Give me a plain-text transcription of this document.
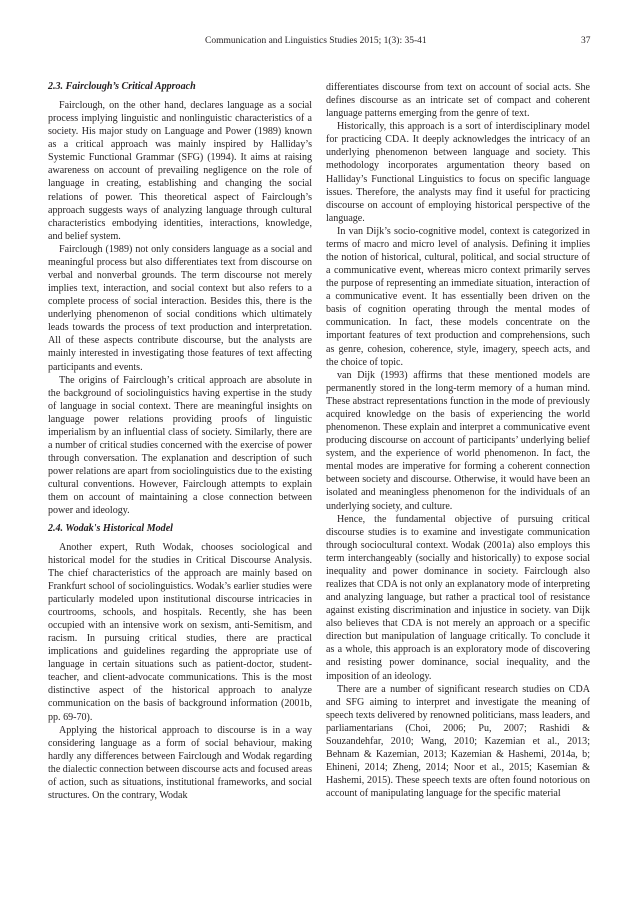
Communication and Linguistics Studies 2015; 1(3): 35-41	37
2.3. Fairclough’s Critical Approach

Fairclough, on the other hand, declares language as a social process implying linguistic and nonlinguistic characteristics of a society. His major study on Language and Power (1989) known as a critical approach was mainly inspired by Halliday’s Systemic Functional Grammar (SFG) (1994). It aims at raising awareness on account of prevailing negligence on the role of language in creating, establishing and changing the social relations of power. This theoretical aspect of Fairclough’s approach suggests ways of analyzing language through cultural characteristics embodying identities, interactions, knowledge, and belief system.

Fairclough (1989) not only considers language as a social and meaningful process but also differentiates text from discourse on verbal and nonverbal grounds. The term discourse not merely implies text, interaction, and social context but also refers to a complete process of social interaction. Besides this, there is the underlying phenomenon of social conditions which ultimately leads towards the process of text production and interpretation. All of these aspects contribute discourse, but the analysts are mainly interested in investigating those features of text affecting participants and events.

The origins of Fairclough’s critical approach are absolute in the background of sociolinguistics having expertise in the study of language in social context. There are meaningful insights on language power relations providing proofs of linguistic imperialism by an influential class of society. Similarly, there are a number of critical studies concerned with the exercise of power through conversation. The explanation and description of such power relations are apart from sociolinguistics due to the existing cultural conventions. However, Fairclough attempts to explain them on account of maintaining a close connection between power and ideology.

2.4. Wodak's Historical Model

Another expert, Ruth Wodak, chooses sociological and historical model for the studies in Critical Discourse Analysis. The chief characteristics of the approach are mainly based on Frankfurt school of sociolinguistics. Wodak’s earlier studies were particularly modeled upon institutional discourse intricacies in courtrooms, schools, and hospitals. Recently, she has been occupied with an intensive work on sexism, anti-Semitism, and racism. In pursuing critical studies, there are practical implications and guidelines regarding the appropriate use of language in certain situations such as patient-doctor, student-teacher, and client-advocate communications. This is the most distinctive aspect of the historical approach to analyze communication on the basis of background information (2001b, pp. 69-70).

Applying the historical approach to discourse is in a way considering language as a form of social behaviour, making hardly any differences between Fairclough and Wodak regarding the dialectic connection between discourse acts and focused areas of action, such as situations, institutional frameworks, and social structures. On the contrary, Wodak

differentiates discourse from text on account of social acts. She defines discourse as an intricate set of compact and coherent language patterns emerging from the genre of text.

Historically, this approach is a sort of interdisciplinary model for practicing CDA. It deeply acknowledges the intricacy of an underlying phenomenon between language and society. This methodology incorporates argumentation theory based on Halliday’s Functional Linguistics to focus on specific language issues. Therefore, the analysts may find it useful for practicing discourse on account of employing historical perspective of the language.

In van Dijk’s socio-cognitive model, context is categorized in terms of macro and micro level of analysis. Defining it implies the notion of historical, cultural, political, and social structure of a communicative event, whereas micro context primarily serves the purpose of representing an immediate situation, interaction of a communicative event. It has essentially been driven on the basis of cognition operating through the mental modes of communication. In fact, these models concentrate on the important features of text production and comprehensions, such as genre, cohesion, coherence, style, imagery, speech acts, and the choice of topic.

van Dijk (1993) affirms that these mentioned models are permanently stored in the long-term memory of a human mind. These abstract representations function in the mode of previously acquired knowledge on the basis of experiencing the world phenomenon. These explain and interpret a communicative event producing discourse on account of participants’ underlying belief system, and the experience of world phenomenon. In fact, the mental modes are imperative for forming a coherent connection between society and discourse. Otherwise, it would have been an isolated and meaningless phenomenon for the individuals of an underlying society, and culture.

Hence, the fundamental objective of pursuing critical discourse studies is to examine and investigate communication through sociocultural context. Wodak (2001a) also employs this term interchangeably (socially and historically) to expose social inequality and power dominance in society. Fairclough also realizes that CDA is not only an explanatory mode of interpreting and analyzing language, but rather a practical tool of resistance against existing discrimination and injustice in society. van Dijk also believes that CDA is not merely an approach or a specific direction but manipulation of language critically. To conclude it as a whole, this approach is an exploratory mode of discovering and resisting power dominance, social inequality, and the imposition of an ideology.

There are a number of significant research studies on CDA and SFG aiming to interpret and investigate the meaning of speech texts delivered by renowned politicians, mass leaders, and parliamentarians (Choi, 2006; Pu, 2007; Rashidi & Souzandehfar, 2010; Wang, 2010; Kazemian et al., 2013; Behnam & Kazemian, 2013; Kazemian & Hashemi, 2014a, b; Ehineni, 2014; Zheng, 2014; Noor et al., 2015; Kasemian & Hashemi, 2015). These speech texts are often found notorious on account of manipulating language for the specific material
